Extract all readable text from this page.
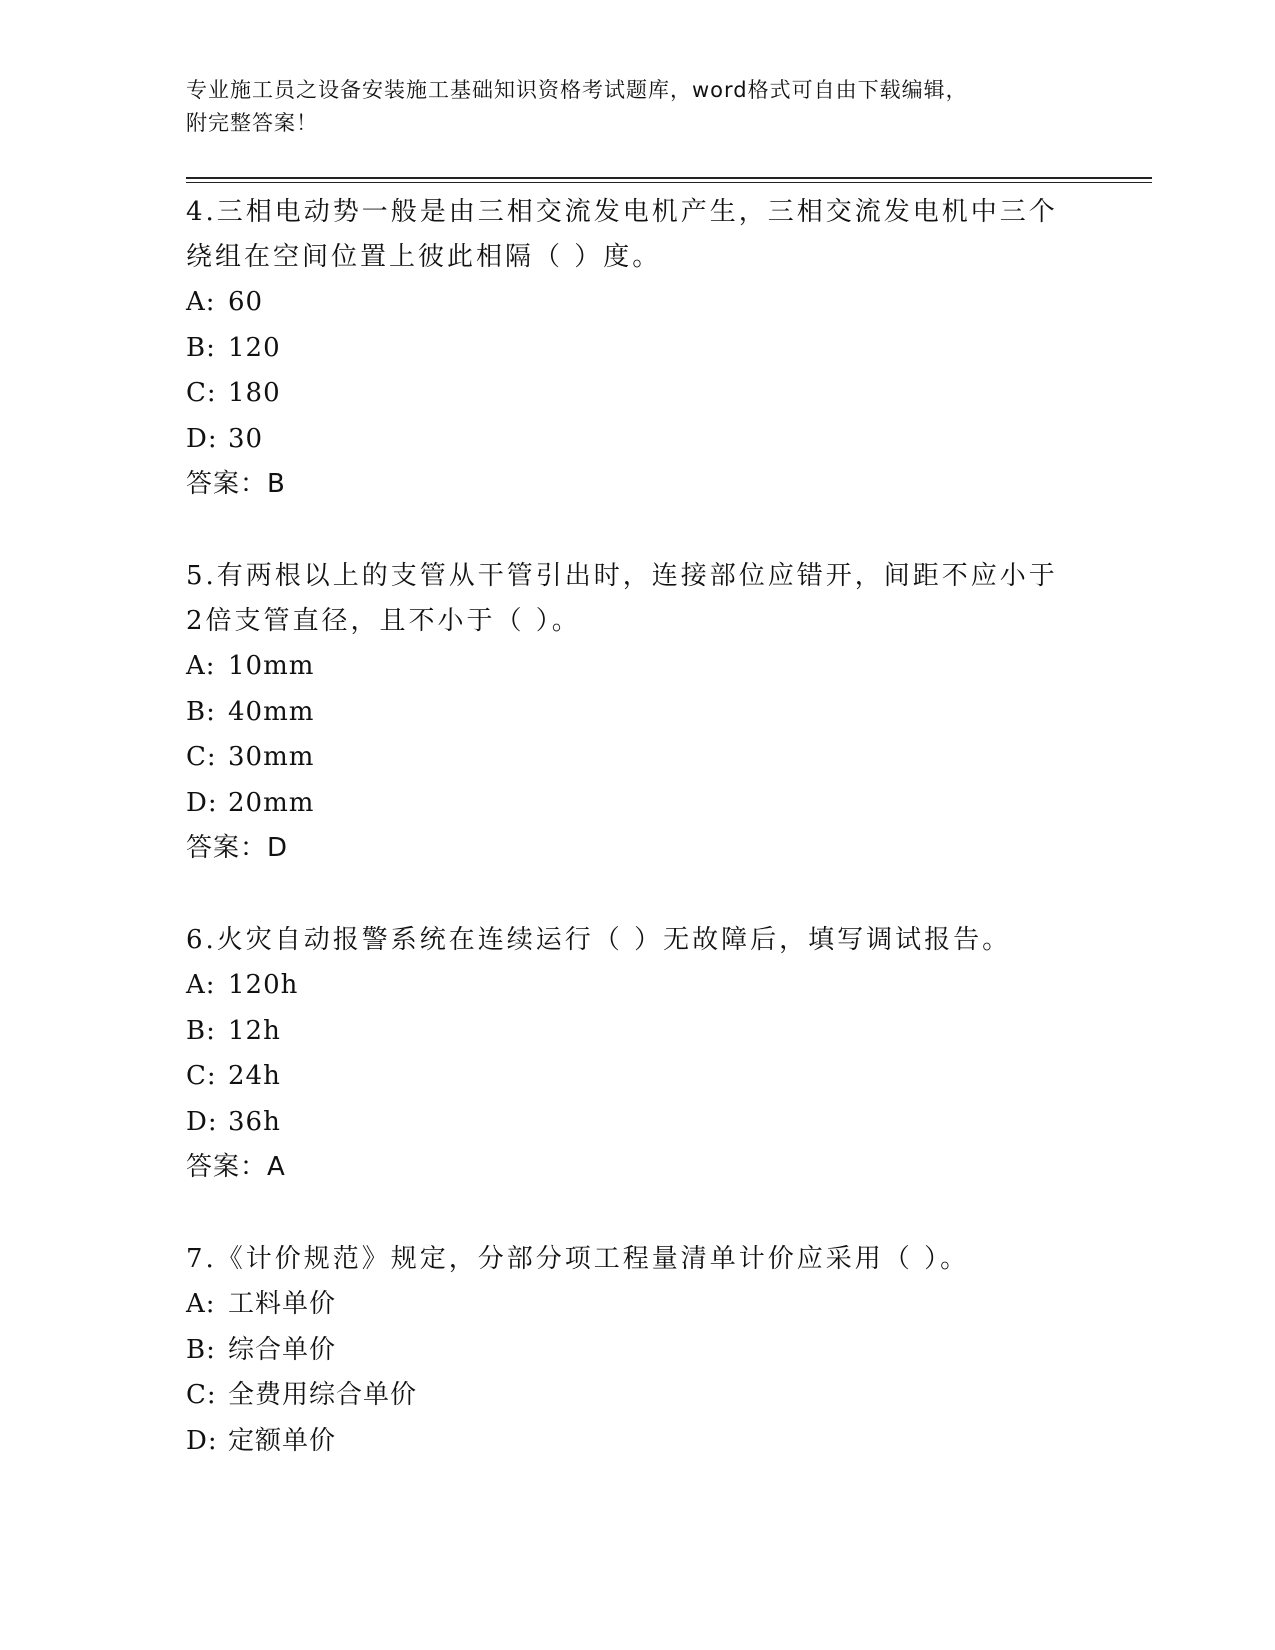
专业施工员之设备安装施工基础知识资格考试题库，word格式可自由下载编辑，
附完整答案！

4.三相电动势一般是由三相交流发电机产生，三相交流发电机中三个

绕组在空间位置上彼此相隔（ ）度。

A: 60

B: 120

C: 180

D: 30

答案：B

5.有两根以上的支管从干管引出时，连接部位应错开，间距不应小于

2倍支管直径，且不小于（ ）。

A: 10mm

B: 40mm

C: 30mm

D: 20mm

答案：D

6.火灾自动报警系统在连续运行（ ）无故障后，填写调试报告。

A: 120h

B: 12h

C: 24h

D: 36h

答案：A

7.《计价规范》规定，分部分项工程量清单计价应采用（ ）。

A: 工料单价

B: 综合单价

C: 全费用综合单价

D: 定额单价
